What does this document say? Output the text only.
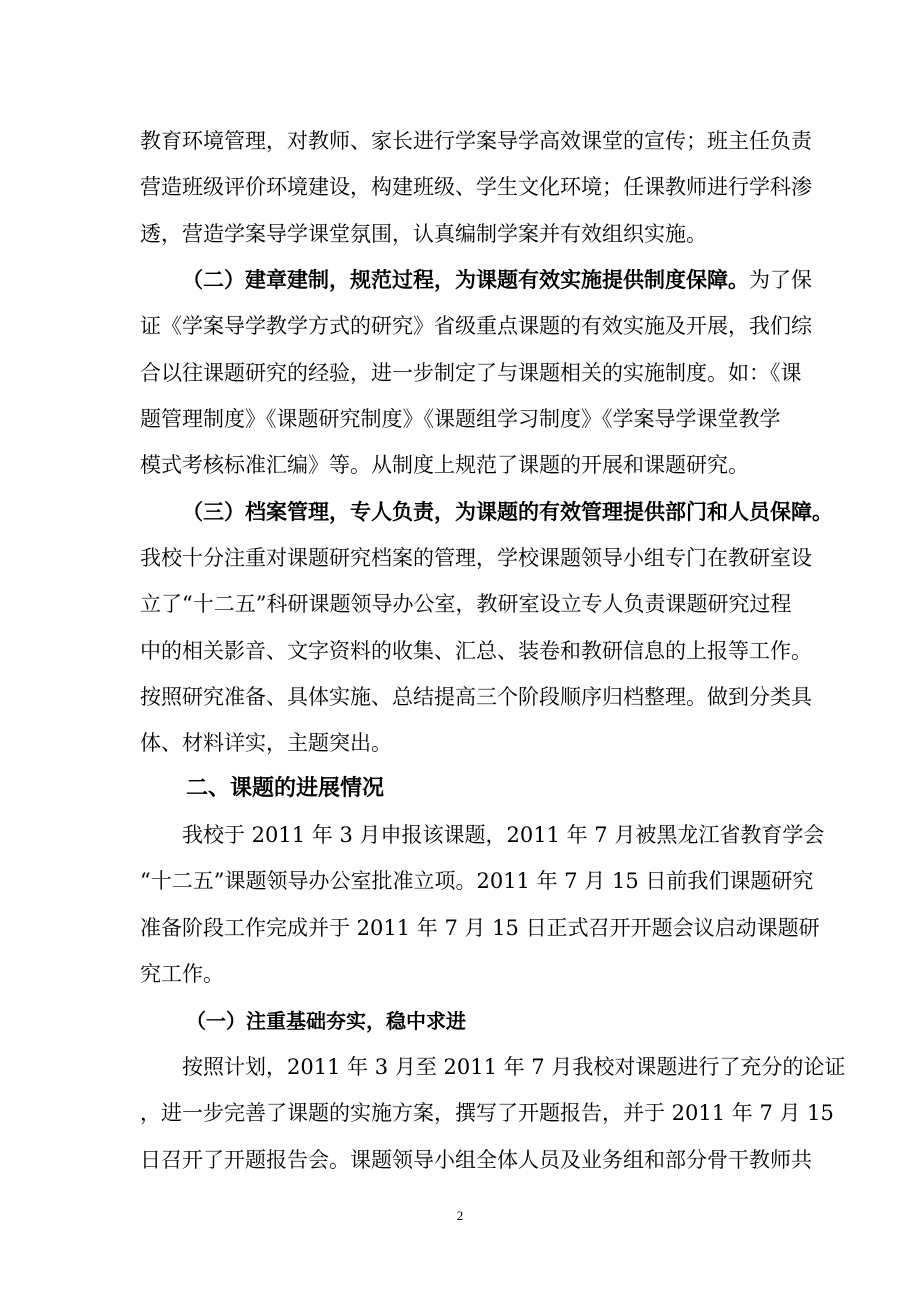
教育环境管理，对教师、家长进行学案导学高效课堂的宣传；班主任负责
营造班级评价环境建设，构建班级、学生文化环境；任课教师进行学科渗
透，营造学案导学课堂氛围，认真编制学案并有效组织实施。
（二）建章建制，规范过程，为课题有效实施提供制度保障。为了保
证《学案导学教学方式的研究》省级重点课题的有效实施及开展，我们综
合以往课题研究的经验，进一步制定了与课题相关的实施制度。如：《课
题管理制度》《课题研究制度》《课题组学习制度》《学案导学课堂教学
模式考核标准汇编》等。从制度上规范了课题的开展和课题研究。
（三）档案管理，专人负责，为课题的有效管理提供部门和人员保障。
我校十分注重对课题研究档案的管理，学校课题领导小组专门在教研室设
立了“十二五”科研课题领导办公室，教研室设立专人负责课题研究过程
中的相关影音、文字资料的收集、汇总、装卷和教研信息的上报等工作。
按照研究准备、具体实施、总结提高三个阶段顺序归档整理。做到分类具
体、材料详实，主题突出。
二、课题的进展情况
我校于 2011 年 3 月申报该课题，2011 年 7 月被黑龙江省教育学会
“十二五”课题领导办公室批准立项。2011 年 7 月 15 日前我们课题研究
准备阶段工作完成并于 2011 年 7 月 15 日正式召开开题会议启动课题研
究工作。
（一）注重基础夯实，稳中求进
按照计划，2011 年 3 月至 2011 年 7 月我校对课题进行了充分的论证
，进一步完善了课题的实施方案，撰写了开题报告，并于 2011 年 7 月 15
日召开了开题报告会。课题领导小组全体人员及业务组和部分骨干教师共
2
